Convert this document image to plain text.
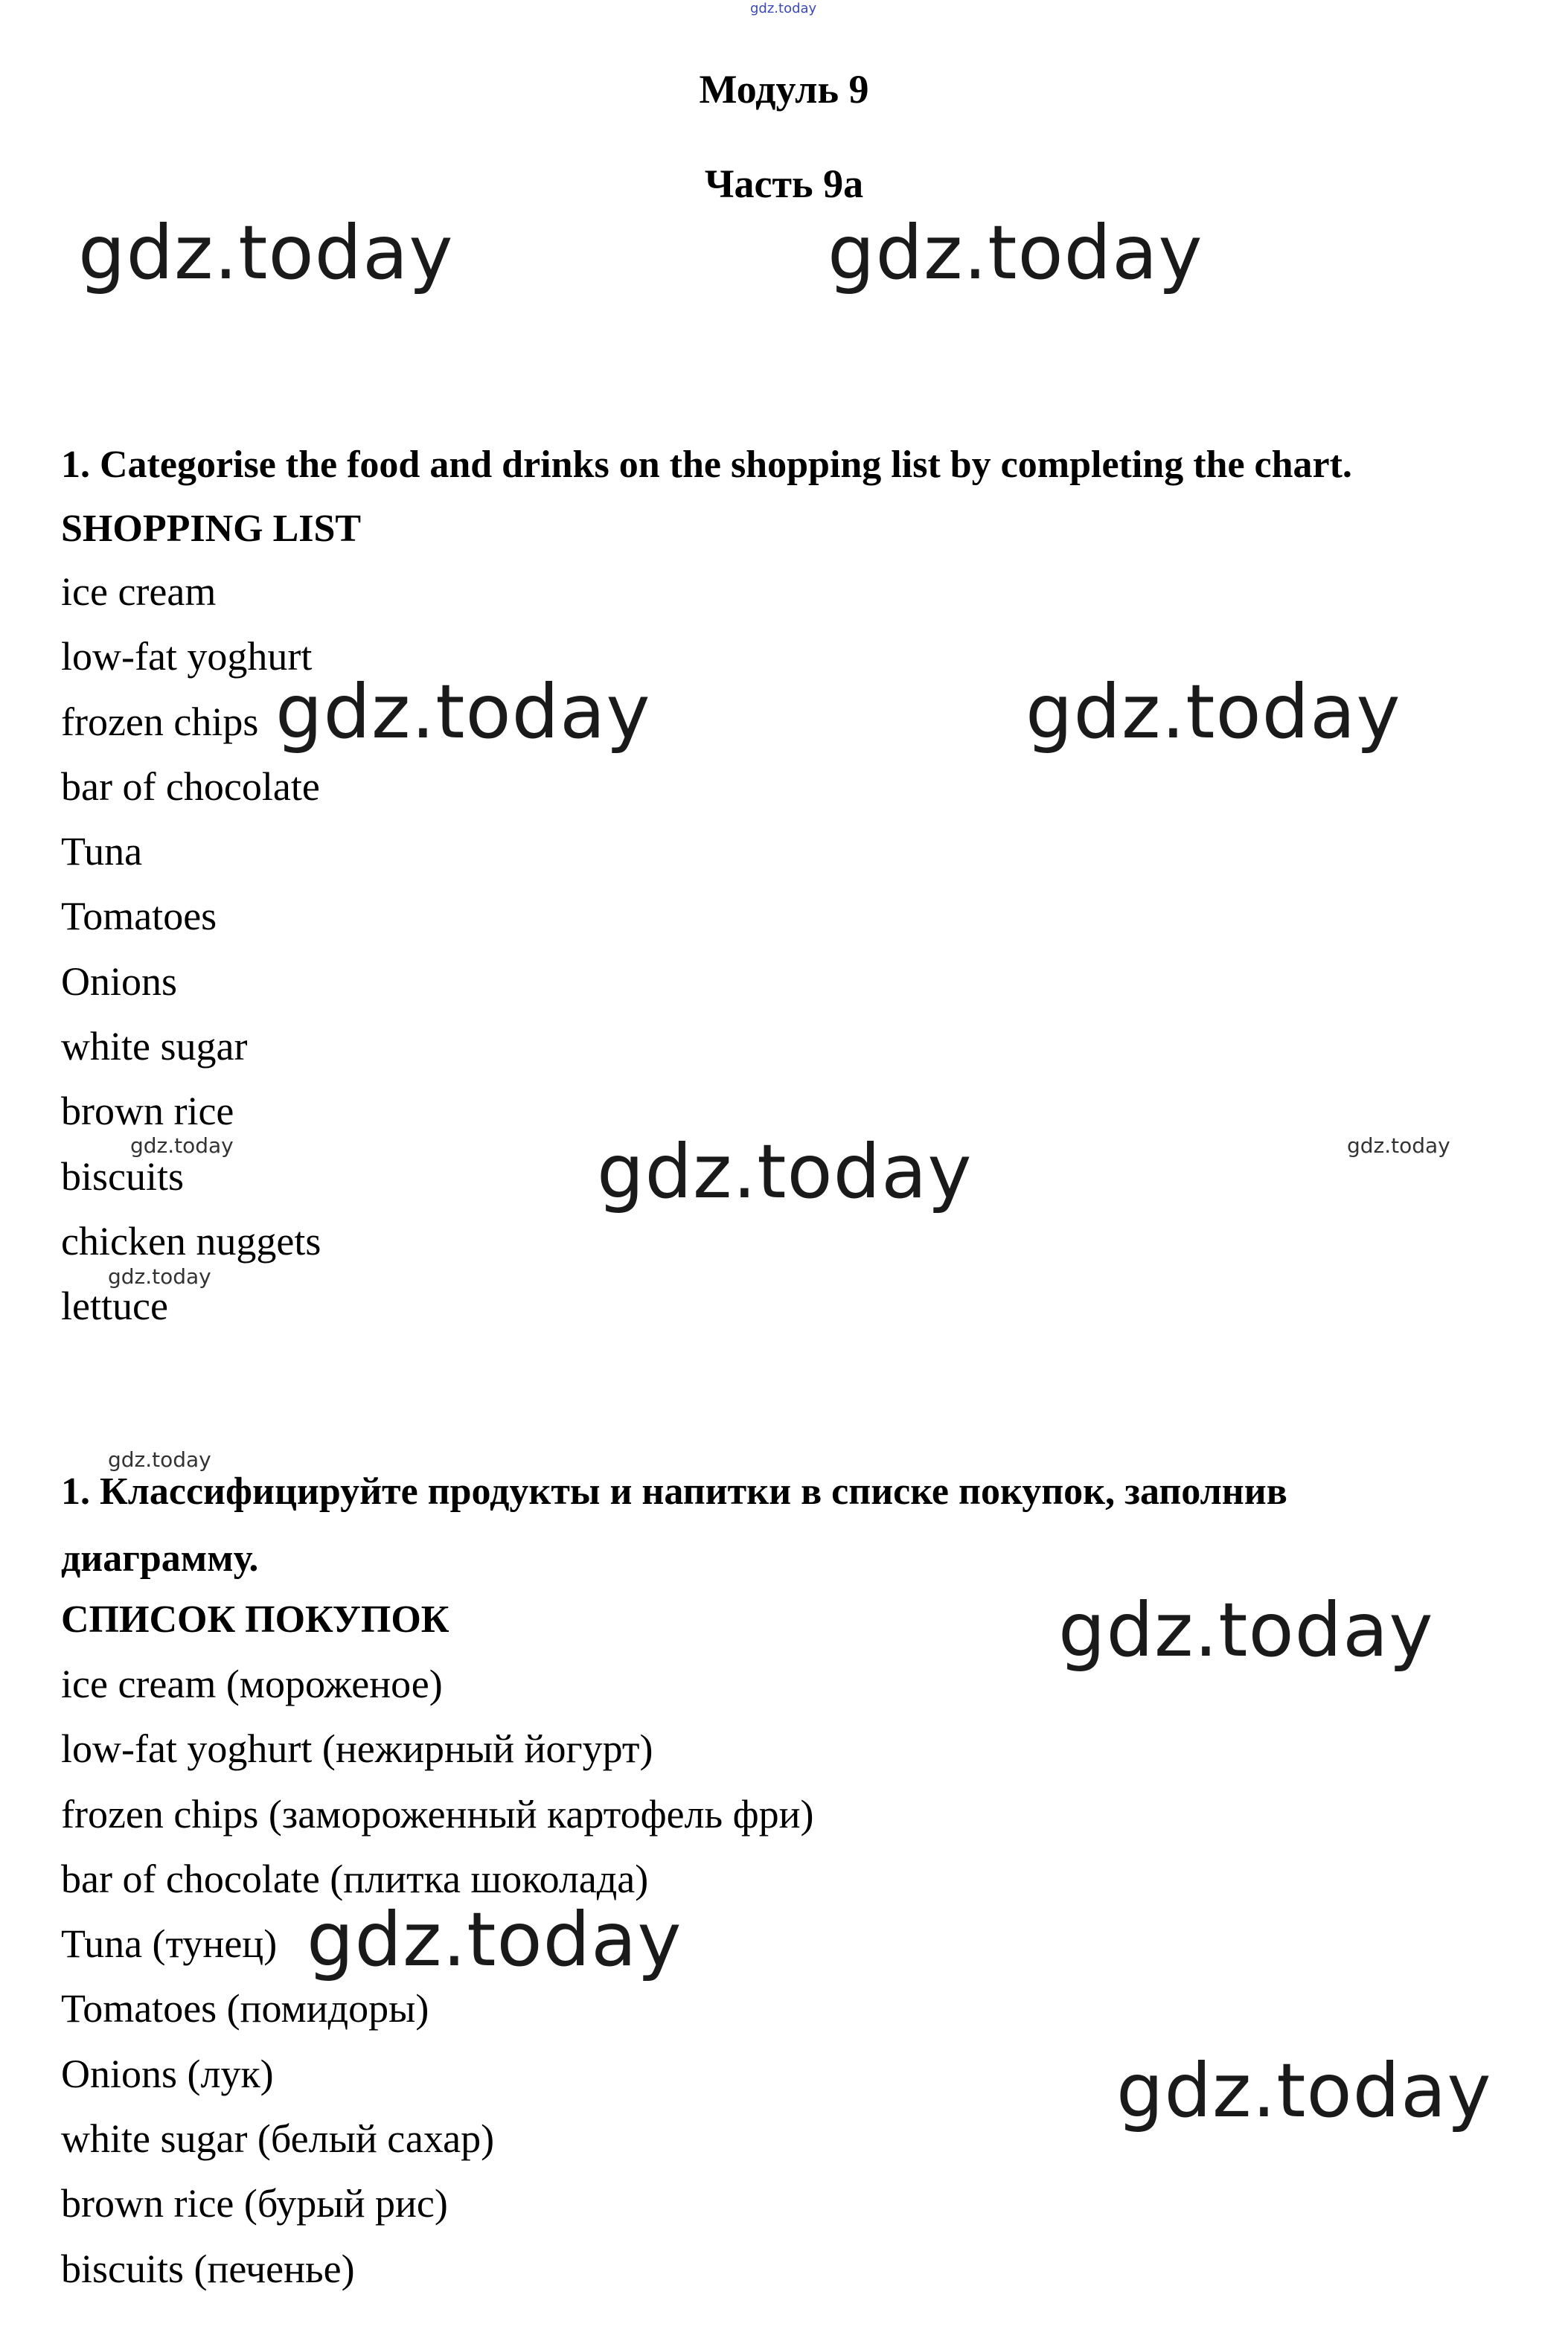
gdz.today
Модуль 9
Часть 9a
gdz.today	gdz.today
1. Categorise the food and drinks on the shopping list by completing the chart.
SHOPPING LIST
ice cream
low-fat yoghurt
frozen chips
bar of chocolate
Tuna
Tomatoes
Onions
white sugar
brown rice
biscuits
chicken nuggets
lettuce
gdz.today	gdz.today
gdz.today
gdz.today	gdz.today
gdz.today
gdz.today
1. Классифицируйте продукты и напитки в списке покупок, заполнив диаграмму.
СПИСОК ПОКУПОК
ice cream (мороженое)
low-fat yoghurt (нежирный йогурт)
frozen chips (замороженный картофель фри)
bar of chocolate (плитка шоколада)
Tuna (тунец)
Tomatoes (помидоры)
Onions (лук)
white sugar (белый сахар)
brown rice (бурый рис)
biscuits (печенье)
gdz.today
gdz.today
gdz.today
